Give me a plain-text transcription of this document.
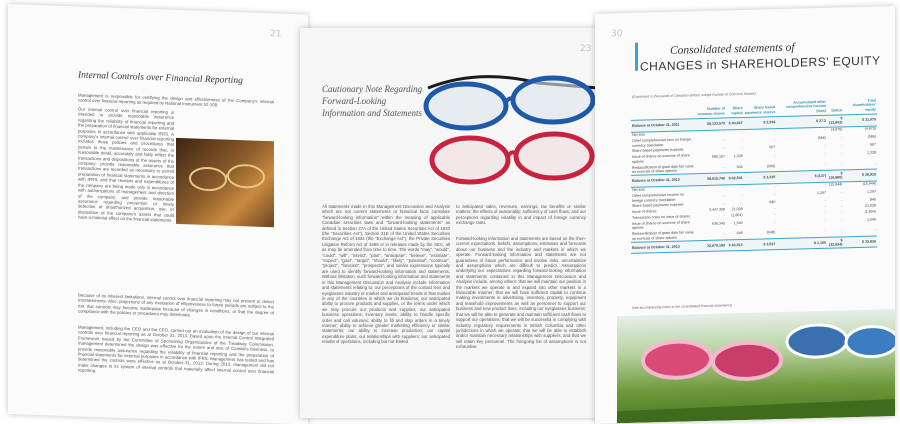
21
Internal Controls over Financial Reporting
Management is responsible for certifying the design and effectiveness of the Company's internal control over financial reporting as required by National Instrument 52-109.
Our internal control over financial reporting is intended to provide reasonable assurance regarding the reliability of financial reporting and the preparation of financial statements for external purposes in accordance with applicable IFRS. A company's internal control over financial reporting includes those policies and procedures that pertain to the maintenance of records that, in reasonable detail, accurately and fairly reflect the transactions and dispositions of the assets of the company; provide reasonable assurance that transactions are recorded as necessary to permit preparation of financial statements in accordance with IFRS, and that receipts and expenditures of the company are being made only in accordance with authorizations of management and directors of the company; and provide reasonable assurance regarding prevention or timely detection of unauthorized acquisition, use, or disposition of the company's assets that could have a material effect on the financial statements.
Because of its inherent limitations, internal control over financial reporting may not prevent or detect misstatements. Also, projections of any evaluation of effectiveness to future periods are subject to the risk that controls may become inadequate because of changes in conditions, or that the degree of compliance with the policies or procedures may deteriorate.
Management, including the CEO and the CFO, carried out an evaluation of the design of our internal controls over financial reporting as at October 31, 2013. Based upon the Internal Control Integrated Framework issued by the Committee of Sponsoring Organizations of the Treadway Commission, management determined the design was effective for the nature and size of Coastal's business, to provide reasonable assurance regarding the reliability of financial reporting and the preparation of financial statements for external purposes in accordance with IFRS. Management has tested and has determined the controls were effective as at October 31, 2013. During 2013, management did not make changes to its system of internal controls that materially affect internal control over financial reporting.
23
Cautionary Note Regarding
Forward-Looking
Information and Statements
All statements made in this Management Discussion and Analysis which are not current statements or historical facts constitute "forward-looking information" within the meaning of applicable Canadian securities laws and "forward-looking statements" as defined in Section 27A of the United States Securities Act of 1933 (the "Securities Act"), Section 21E of the United States Securities Exchange Act of 1934 (the "Exchange Act"), the Private Securities Litigation Reform Act of 1995 or in releases made by the SEC, all as may be amended from time to time. The words "may", "would", "could", "will", "intend", "plan", "anticipate", "believe", "estimate", "expect", "goal", "target", "should", "likely", "potential", "continue", "project", "forecast", "prospects", and similar expressions typically are used to identify forward-looking information and statements. Without limitation, such forward-looking information and statements in this Management Discussion and Analysis include information and statements relating to: our perceptions of the contact lens and eyeglasses industry or market and anticipated trends in that market in any of the countries in which we do business; our anticipated ability to procure products and supplies, or the terms under which we may procure our products and supplies; our anticipated business operations, inventory levels, ability to handle specific order and call volumes; ability to fill and ship orders in a timely manner; ability to achieve greater marketing efficiency or similar statements; our ability to increase production; our capital expenditure plans; our relationships with suppliers; our anticipated results of operations, including but not limited
to anticipated sales, revenues, earnings, tax benefits or similar matters; the effects of seasonality; sufficiency of cash flows; and our perceptions regarding volatility in and impact of foreign currency exchange rates.
Forward-looking information and statements are based on the then-current expectations, beliefs, assumptions, estimates and forecasts about our business and the industry and markets in which we operate. Forward-looking information and statements are not guarantees of future performance and involve risks, uncertainties and assumptions which are difficult to predict. Assumptions underlying our expectations regarding forward-looking information and statements contained in this Management Discussion and Analysis include, among others: that we will maintain our position in the markets we operate in and expand into other markets in a favourable manner; that we will have sufficient capital to continue making investments in advertising, inventory, property, equipment and leasehold improvements as well as personnel to support our business and new product lines, including our eyeglasses business; that we will be able to generate and maintain sufficient cash flows to support our operations; that we will be successful in complying with industry regulatory requirements in British Columbia and other jurisdictions in which we operate; that we will be able to establish and/or maintain necessary relationships with suppliers; and that we will retain key personnel. The foregoing list of assumptions is not exhaustive.
30
Consolidated statements of
CHANGES in SHAREHOLDERS' EQUITY
(Expressed in thousands of Canadian dollars, except Number of Common Shares)
	Number of common shares	Share capital	Share based payments reserve	Accumulated other comprehensive income (loss)	Deficit	Total shareholders' equity
Balance at October 31, 2011	28,133,579	$ 40,667	$ 2,934	$ 37.2	$ (12,802)	$ 31,975
Net loss	-	-	-	-	(4,870)	(4,870)
Other comprehensive loss on foreign currency translation	-	-	-	(586)	-	(586)
Share based payments expense	-	-	907	-	-	907
Issue of shares on exercise of share options	585,167	1,328	-	-	-	1,328
Reclassification of grant date fair value on exercise of share options	-	506	(506)	-	-	-
Balance at October 31, 2012	28,615,746	$ 42,501	$ 3,335	$ (137)	$ (16,880)	$ 28,819
Net loss	-	-	-	-	(15,944)	(15,944)
Other comprehensive income on foreign currency translation	-	-	-	1,297	-	1,297
Share based payments expense	-	-	840	-	-	840
Issue of shares	3,447,308	21,028	-	-	-	21,028
Transaction costs on issue of shares	-	(1,804)	-	-	-	(1,804)
Issue of shares on exercise of share options	636,345	1,540	-	-	-	1,540
Reclassification of grant date fair value on exercise of share options	-	648	(648)	-	-	-
Balance at October 31, 2013	32,679,189	$ 63,913	$ 3,537	$ 1,160	$ (32,824)	$ 35,836
(see accompanying notes to the consolidated financial statements)
